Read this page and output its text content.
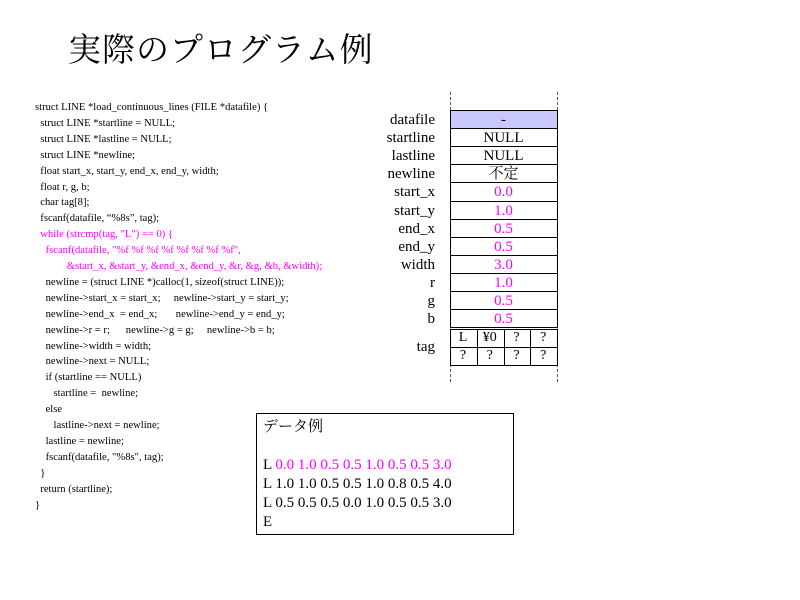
実際のプログラム例
struct LINE *load_continuous_lines (FILE *datafile) {
struct LINE *startline = NULL;
struct LINE *lastline = NULL;
struct LINE *newline;
float start_x, start_y, end_x, end_y, width;
float r, g, b;
char tag[8];
fscanf(datafile, “%8s”, tag);
while (strcmp(tag, "L") == 0) {
fscanf(datafile, "%f %f %f %f %f %f %f %f",
&start_x, &start_y, &end_x, &end_y, &r, &g, &b, &width);
newline = (struct LINE *)calloc(1, sizeof(struct LINE));
newline->start_x = start_x;     newline->start_y = start_y;
newline->end_x  = end_x;       newline->end_y = end_y;
newline->r = r;      newline->g = g;     newline->b = b;
newline->width = width;
newline->next = NULL;
if (startline == NULL)
startline =  newline;
else
lastline->next = newline;
lastline = newline;
fscanf(datafile, "%8s", tag);
}
return (startline);
}
datafile	-
startline	NULL
lastline	NULL
newline	不定
start_x	0.0
start_y	1.0
end_x	0.5
end_y	0.5
width	3.0
r	1.0
g	0.5
b	0.5
tag
L	¥0	?	?
?	?	?	?
データ例
L 0.0 1.0 0.5 0.5 1.0 0.5 0.5 3.0
L 1.0 1.0 0.5 0.5 1.0 0.8 0.5 4.0
L 0.5 0.5 0.5 0.0 1.0 0.5 0.5 3.0
E
